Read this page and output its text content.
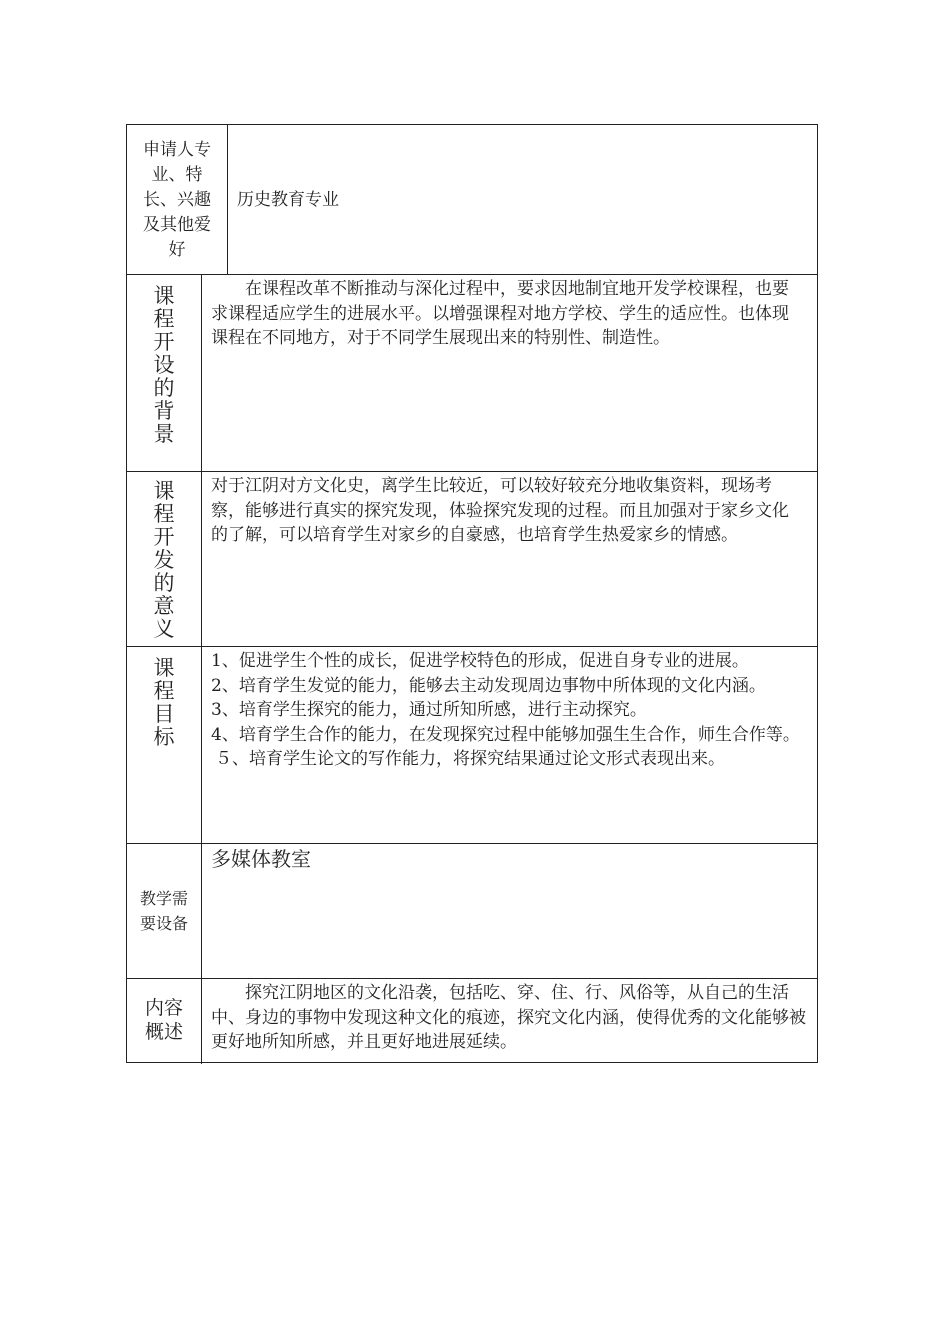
申请人专业、特长、兴趣及其他爱好
历史教育专业
课
程
开
设
的
背
景

在课程改革不断推动与深化过程中，要求因地制宜地开发学校课程，也要求课程适应学生的进展水平。以增强课程对地方学校、学生的适应性。也体现课程在不同地方，对于不同学生展现出来的特别性、制造性。

课
程
开
发
的
意
义

对于江阴对方文化史，离学生比较近，可以较好较充分地收集资料，现场考察，能够进行真实的探究发现，体验探究发现的过程。而且加强对于家乡文化的了解，可以培育学生对家乡的自豪感，也培育学生热爱家乡的情感。

课
程
目
标

1、促进学生个性的成长，促进学校特色的形成，促进自身专业的进展。

2、培育学生发觉的能力，能够去主动发现周边事物中所体现的文化内涵。

3、培育学生探究的能力，通过所知所感，进行主动探究。

4、培育学生合作的能力，在发现探究过程中能够加强生生合作，师生合作等。

５、培育学生论文的写作能力，将探究结果通过论文形式表现出来。

教学需要设备
多媒体教室
内容概述

探究江阴地区的文化沿袭，包括吃、穿、住、行、风俗等，从自己的生活中、身边的事物中发现这种文化的痕迹，探究文化内涵，使得优秀的文化能够被更好地所知所感，并且更好地进展延续。
